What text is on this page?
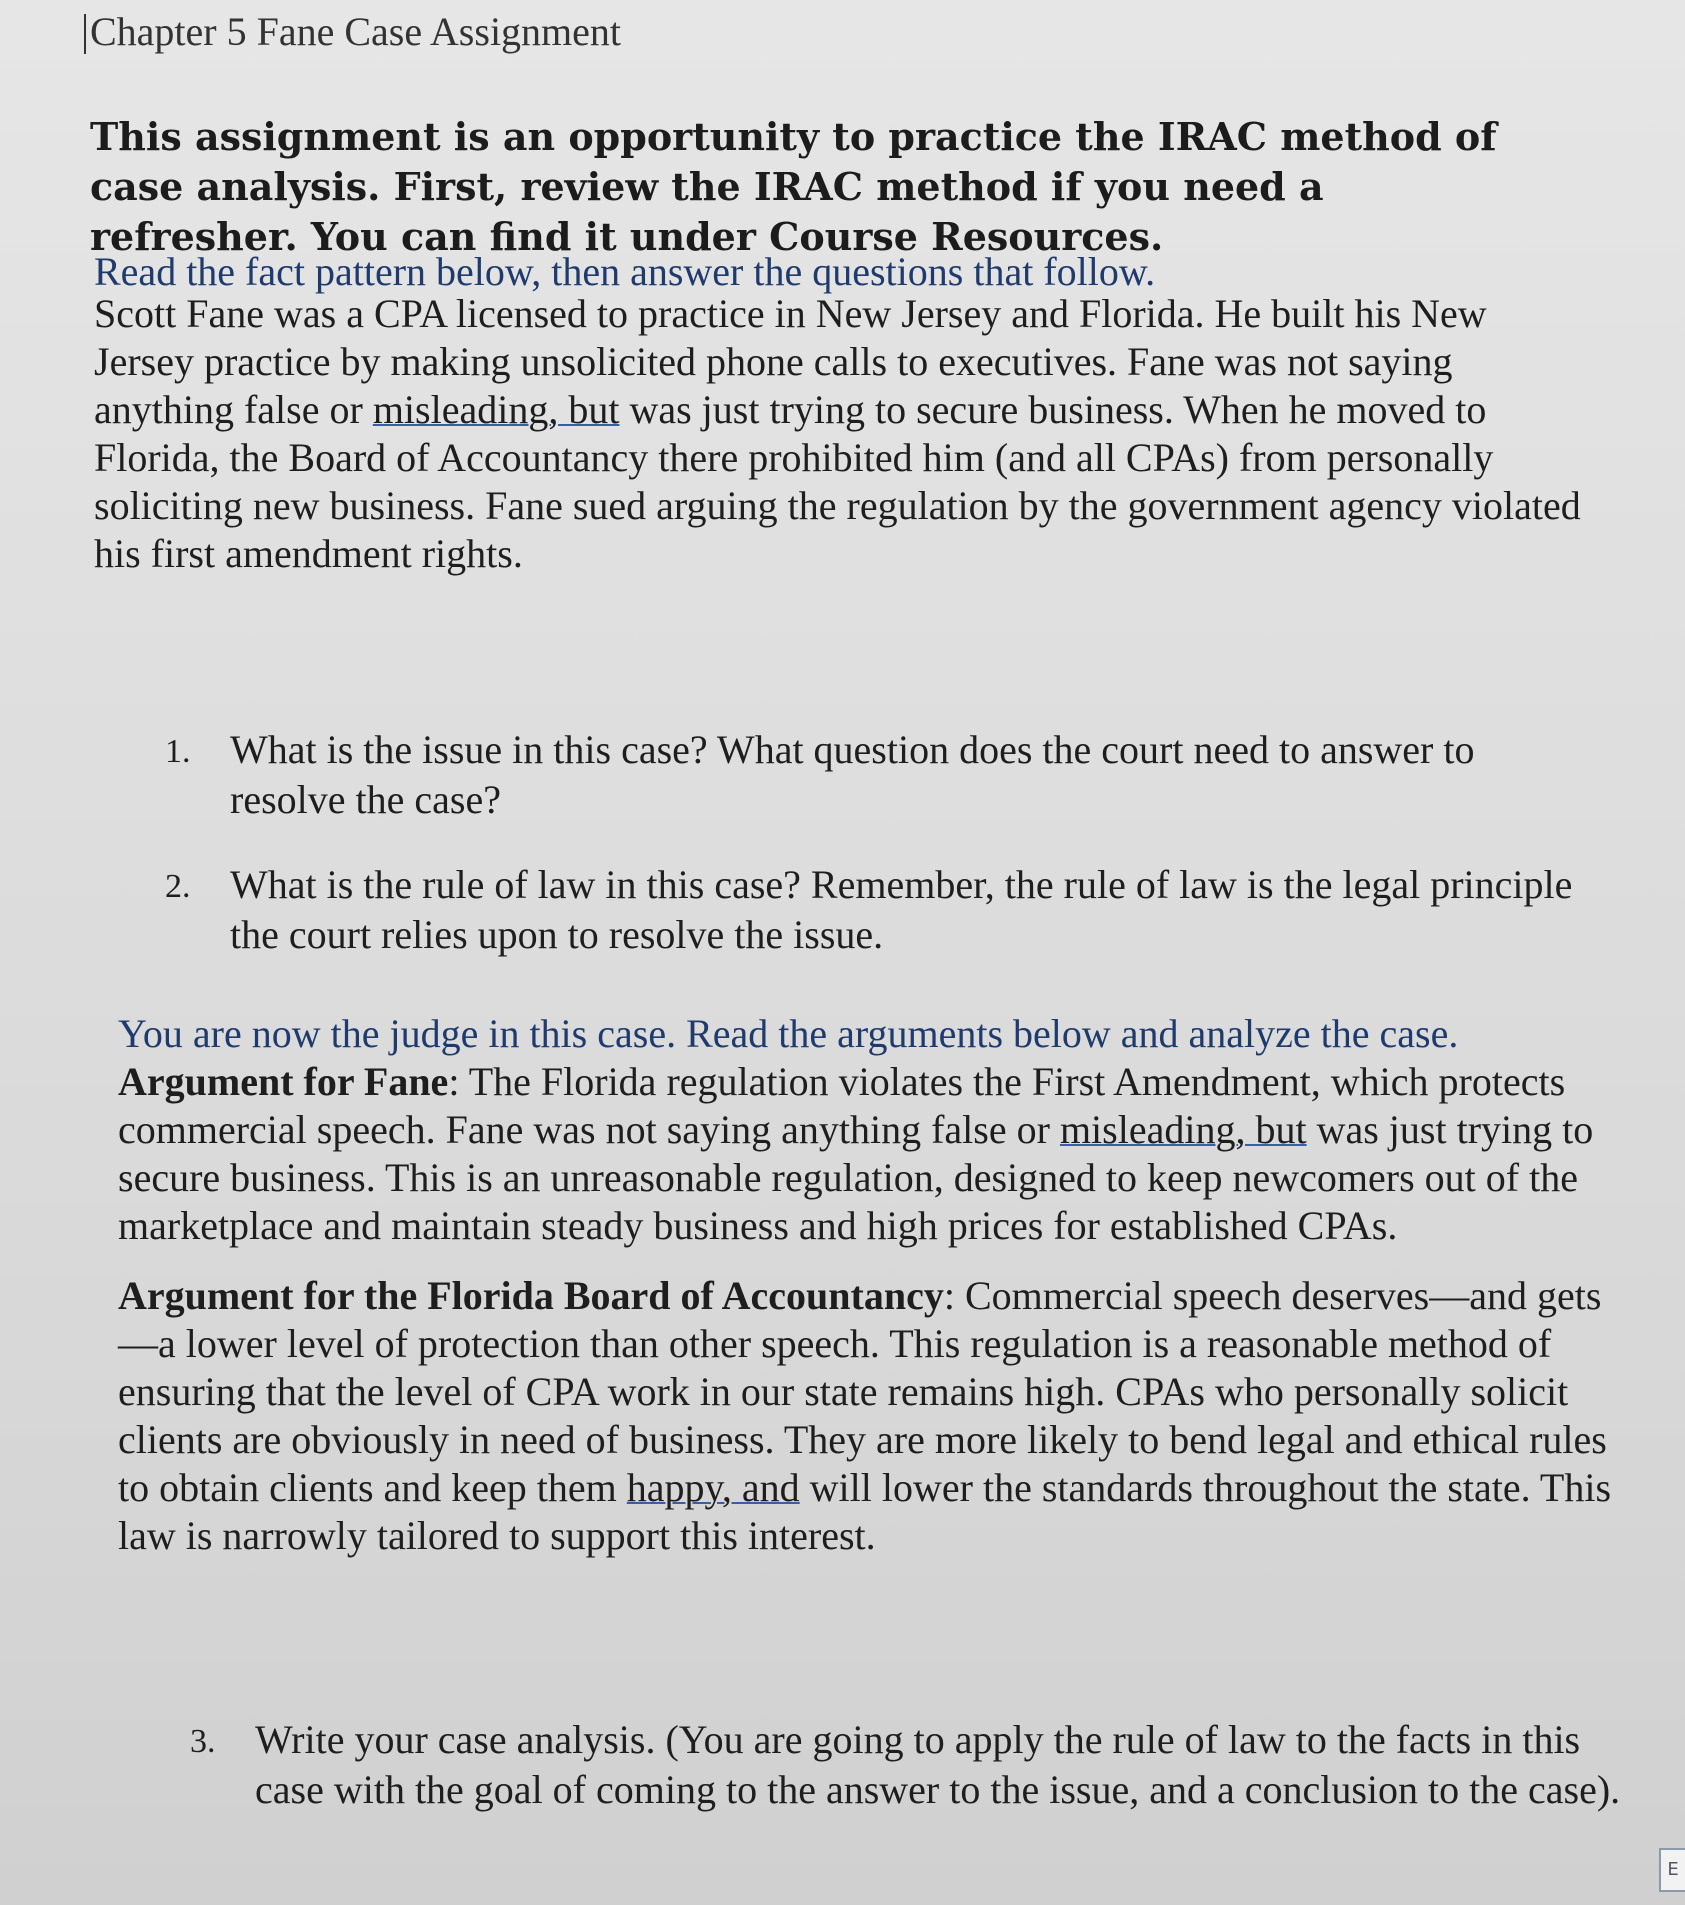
Chapter 5 Fane Case Assignment
This assignment is an opportunity to practice the IRAC method of case analysis. First, review the IRAC method if you need a refresher. You can find it under Course Resources.

Read the fact pattern below, then answer the questions that follow.

Scott Fane was a CPA licensed to practice in New Jersey and Florida. He built his New Jersey practice by making unsolicited phone calls to executives. Fane was not saying anything false or misleading, but was just trying to secure business. When he moved to Florida, the Board of Accountancy there prohibited him (and all CPAs) from personally soliciting new business. Fane sued arguing the regulation by the government agency violated his first amendment rights.

1. What is the issue in this case? What question does the court need to answer to resolve the case?
2. What is the rule of law in this case? Remember, the rule of law is the legal principle the court relies upon to resolve the issue.

You are now the judge in this case. Read the arguments below and analyze the case.

Argument for Fane: The Florida regulation violates the First Amendment, which protects commercial speech. Fane was not saying anything false or misleading, but was just trying to secure business. This is an unreasonable regulation, designed to keep newcomers out of the marketplace and maintain steady business and high prices for established CPAs.

Argument for the Florida Board of Accountancy: Commercial speech deserves—and gets—a lower level of protection than other speech. This regulation is a reasonable method of ensuring that the level of CPA work in our state remains high. CPAs who personally solicit clients are obviously in need of business. They are more likely to bend legal and ethical rules to obtain clients and keep them happy, and will lower the standards throughout the state. This law is narrowly tailored to support this interest.

3. Write your case analysis. (You are going to apply the rule of law to the facts in this case with the goal of coming to the answer to the issue, and a conclusion to the case).
E
